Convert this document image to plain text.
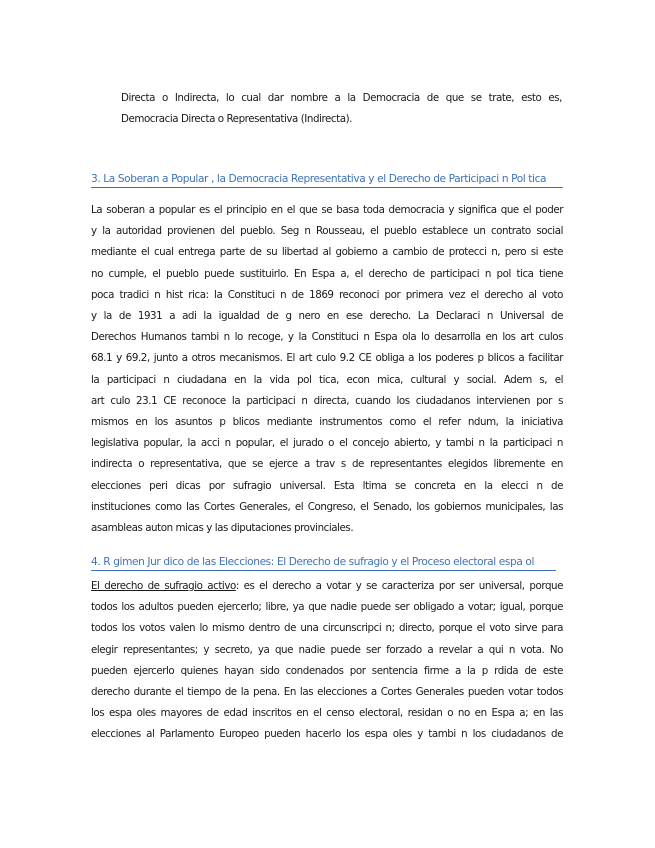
Directa o Indirecta, lo cual dar nombre a la Democracia de que se trate, esto es,
Democracia Directa o Representativa (Indirecta).
3. La Soberan a Popular , la Democracia Representativa y el Derecho de Participaci n Pol tica
La soberan a popular es el principio en el que se basa toda democracia y significa que el poder
y la autoridad provienen del pueblo. Seg n Rousseau, el pueblo establece un contrato social
mediante el cual entrega parte de su libertad al gobierno a cambio de protecci n, pero si este
no cumple, el pueblo puede sustituirlo. En Espa a, el derecho de participaci n pol tica tiene
poca tradici n hist rica: la Constituci n de 1869 reconoci por primera vez el derecho al voto
y la de 1931 a adi la igualdad de g nero en ese derecho. La Declaraci n Universal de
Derechos Humanos tambi n lo recoge, y la Constituci n Espa ola lo desarrolla en los art culos
68.1 y 69.2, junto a otros mecanismos. El art culo 9.2 CE obliga a los poderes p blicos a facilitar
la participaci n ciudadana en la vida pol tica, econ mica, cultural y social. Adem s, el
art culo 23.1 CE reconoce la participaci n directa, cuando los ciudadanos intervienen por s
mismos en los asuntos p blicos mediante instrumentos como el refer ndum, la iniciativa
legislativa popular, la acci n popular, el jurado o el concejo abierto, y tambi n la participaci n
indirecta o representativa, que se ejerce a trav s de representantes elegidos libremente en
elecciones peri dicas por sufragio universal. Esta ltima se concreta en la elecci n de
instituciones como las Cortes Generales, el Congreso, el Senado, los gobiernos municipales, las
asambleas auton micas y las diputaciones provinciales.
4. R gimen Jur dico de las Elecciones: El Derecho de sufragio y el Proceso electoral espa ol
El derecho de sufragio activo: es el derecho a votar y se caracteriza por ser universal, porque
todos los adultos pueden ejercerlo; libre, ya que nadie puede ser obligado a votar; igual, porque
todos los votos valen lo mismo dentro de una circunscripci n; directo, porque el voto sirve para
elegir representantes; y secreto, ya que nadie puede ser forzado a revelar a qui n vota. No
pueden ejercerlo quienes hayan sido condenados por sentencia firme a la p rdida de este
derecho durante el tiempo de la pena. En las elecciones a Cortes Generales pueden votar todos
los espa oles mayores de edad inscritos en el censo electoral, residan o no en Espa a; en las
elecciones al Parlamento Europeo pueden hacerlo los espa oles y tambi n los ciudadanos de
